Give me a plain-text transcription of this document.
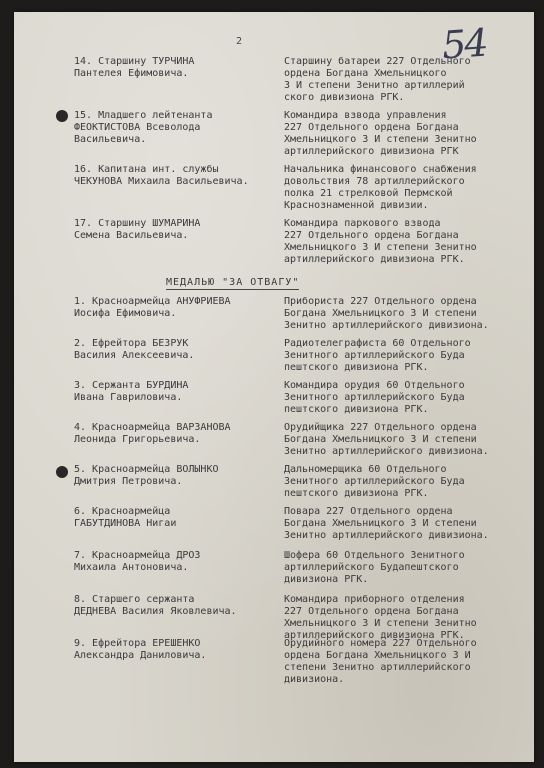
2	54
14. Старшину ТУРЧИНА
Пантелея Ефимовича.
Старшину батареи 227 Отдельного
ордена Богдана Хмельницкого
3 И степени Зенитно артиллерий
ского дивизиона РГК.
15. Младшего лейтенанта
ФЕОКТИСТОВА Всеволода
Васильевича.
Командира взвода управления
227 Отдельного ордена Богдана
Хмельницкого 3 И степени Зенитно
артиллерийского дивизиона РГК
16. Капитана инт. службы
ЧЕКУНОВА Михаила Васильевича.
Начальника финансового снабжения
довольствия 78 артиллерийского
полка 21 стрелковой Пермской
Краснознаменной дивизии.
17. Старшину ШУМАРИНА
Семена Васильевича.
Командира паркового взвода
227 Отдельного ордена Богдана
Хмельницкого 3 И степени Зенитно
артиллерийского дивизиона РГК.
МЕДАЛЬЮ "ЗА ОТВАГУ"
1. Красноармейца АНУФРИЕВА
Иосифа Ефимовича.
Прибориста 227 Отдельного ордена
Богдана Хмельницкого 3 И степени
Зенитно артиллерийского дивизиона.
2. Ефрейтора БЕЗРУК
Василия Алексеевича.
Радиотелеграфиста 60 Отдельного
Зенитного артиллерийского Буда
пештского дивизиона РГК.
3. Сержанта БУРДИНА
Ивана Гавриловича.
Командира орудия 60 Отдельного
Зенитного артиллерийского Буда
пештского дивизиона РГК.
4. Красноармейца ВАРЗАНОВА
Леонида Григорьевича.
Орудийщика 227 Отдельного ордена
Богдана Хмельницкого 3 И степени
Зенитно артиллерийского дивизиона.
5. Красноармейца ВОЛЫНКО
Дмитрия Петровича.
Дальномерщика 60 Отдельного
Зенитного артиллерийского Буда
пештского дивизиона РГК.
6. Красноармейца
ГАБУТДИНОВА Нигаи
Повара 227 Отдельного ордена
Богдана Хмельницкого 3 И степени
Зенитно артиллерийского дивизиона.
7. Красноармейца ДРОЗ
Михаила Антоновича.
Шофера 60 Отдельного Зенитного
артиллерийского Будапештского
дивизиона РГК.
8. Старшего сержанта
ДЕДНЕВА Василия Яковлевича.
Командира приборного отделения
227 Отдельного ордена Богдана
Хмельницкого 3 И степени Зенитно
артиллерийского дивизиона РГК.
9. Ефрейтора ЕРЕШЕНКО
Александра Даниловича.
Орудийного номера 227 Отдельного
ордена Богдана Хмельницкого 3 И
степени Зенитно артиллерийского
дивизиона.
